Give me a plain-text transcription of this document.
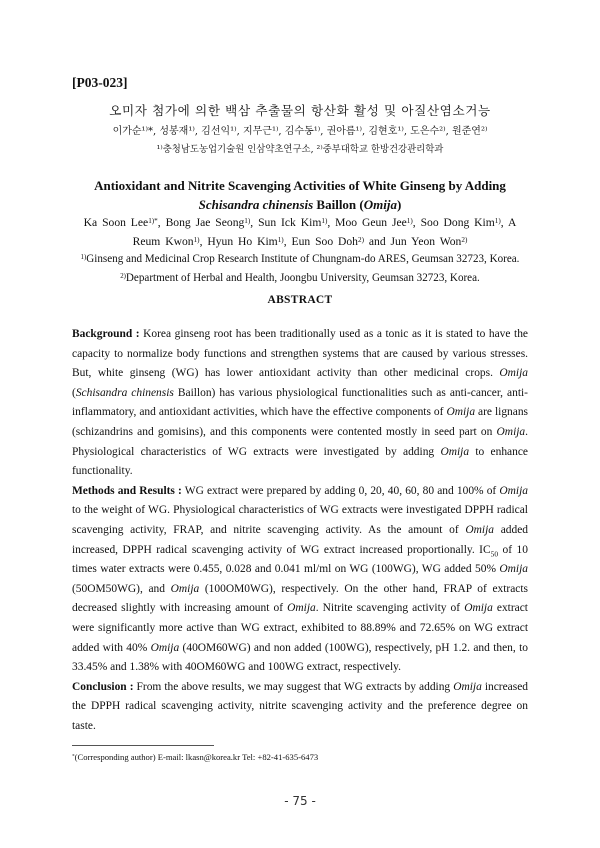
[P03-023]
오미자 첨가에 의한 백삼 추출물의 항산화 활성 및 아질산염소거능
이가순¹⁾*, 성봉재¹⁾, 김선익¹⁾, 지무근¹⁾, 김수동¹⁾, 권아름¹⁾, 김현호¹⁾, 도은수²⁾, 원준연²⁾
¹⁾충청남도농업기술원 인삼약초연구소, ²⁾중부대학교 한방건강관리학과
Antioxidant and Nitrite Scavenging Activities of White Ginseng by Adding
Schisandra chinensis Baillon (Omija)
Ka Soon Lee$^{1)*}$, Bong Jae Seong$^{1)}$, Sun Ick Kim$^{1)}$, Moo Geun Jee$^{1)}$, Soo Dong Kim$^{1)}$, A Reum Kwon$^{1)}$, Hyun Ho Kim$^{1)}$, Eun Soo Doh$^{2)}$ and Jun Yeon Won$^{2)}$
$^{1)}$Ginseng and Medicinal Crop Research Institute of Chungnam-do ARES, Geumsan 32723, Korea.
$^{2)}$Department of Herbal and Health, Joongbu University, Geumsan 32723, Korea.
ABSTRACT

Background : Korea ginseng root has been traditionally used as a tonic as it is stated to have the capacity to normalize body functions and strengthen systems that are caused by various stresses. But, white ginseng (WG) has lower antioxidant activity than other medicinal crops. Omija (Schisandra chinensis Baillon) has various physiological functionalities such as anti-cancer, anti-inflammatory, and antioxidant activities, which have the effective components of Omija are lignans (schizandrins and gomisins), and this components were contented mostly in seed part on Omija. Physiological characteristics of WG extracts were investigated by adding Omija to enhance functionality.

Methods and Results : WG extract were prepared by adding 0, 20, 40, 60, 80 and 100% of Omija to the weight of WG. Physiological characteristics of WG extracts were investigated DPPH radical scavenging activity, FRAP, and nitrite scavenging activity. As the amount of Omija added increased, DPPH radical scavenging activity of WG extract increased proportionally. $IC_{50}$ of 10 times water extracts were 0.455, 0.028 and 0.041 ml/ml on WG (100WG), WG added 50% Omija (50OM50WG), and Omija (100OM0WG), respectively. On the other hand, FRAP of extracts decreased slightly with increasing amount of Omija. Nitrite scavenging activity of Omija extract were significantly more active than WG extract, exhibited to 88.89% and 72.65% on WG extract added with 40% Omija (40OM60WG) and non added (100WG), respectively, pH 1.2. and then, to 33.45% and 1.38% with 40OM60WG and 100WG extract, respectively.

Conclusion : From the above results, we may suggest that WG extracts by adding Omija increased the DPPH radical scavenging activity, nitrite scavenging activity and the preference degree on taste.

*(Corresponding author) E-mail: lkasn@korea.kr Tel: +82-41-635-6473
- 75 -
